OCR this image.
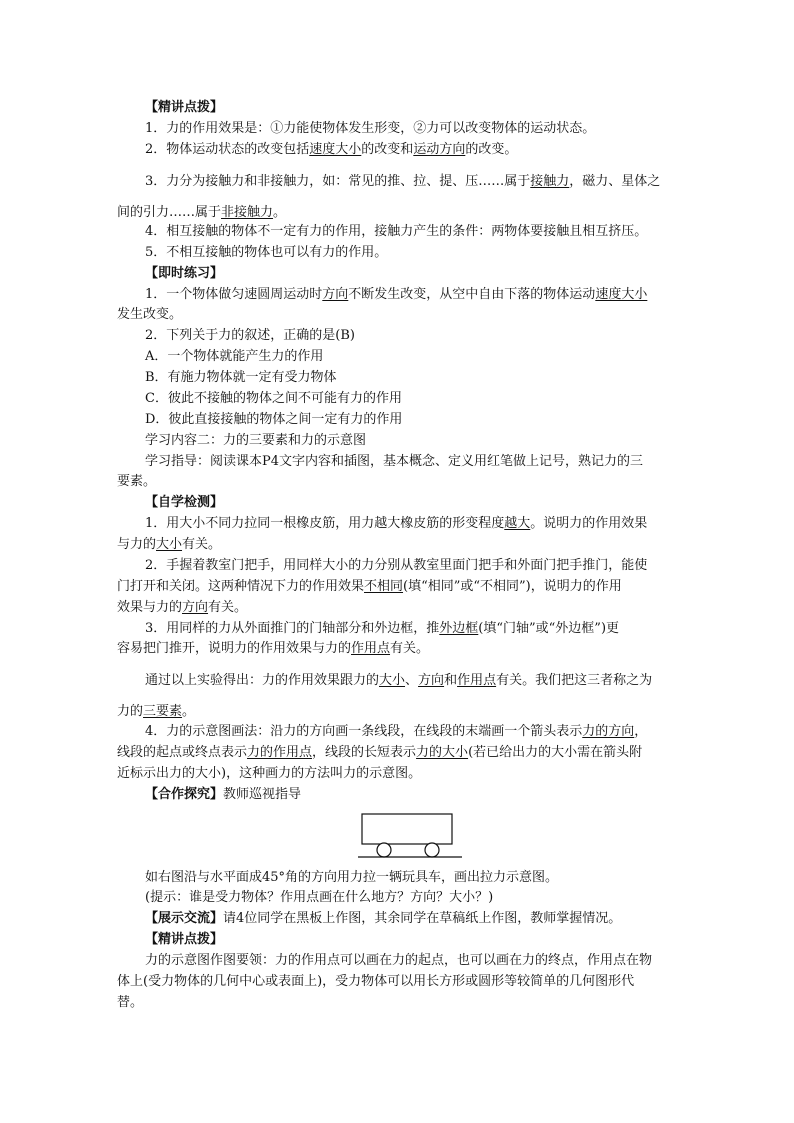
【精讲点拨】
1．力的作用效果是：①力能使物体发生形变，②力可以改变物体的运动状态。
2．物体运动状态的改变包括速度大小的改变和运动方向的改变。
3．力分为接触力和非接触力，如：常见的推、拉、提、压……属于接触力，磁力、星体之
间的引力……属于非接触力。
4．相互接触的物体不一定有力的作用，接触力产生的条件：两物体要接触且相互挤压。
5．不相互接触的物体也可以有力的作用。
【即时练习】
1．一个物体做匀速圆周运动时方向不断发生改变，从空中自由下落的物体运动速度大小
发生改变。
2．下列关于力的叙述，正确的是(B)
A．一个物体就能产生力的作用
B．有施力物体就一定有受力物体
C．彼此不接触的物体之间不可能有力的作用
D．彼此直接接触的物体之间一定有力的作用
学习内容二：力的三要素和力的示意图
学习指导：阅读课本P4文字内容和插图，基本概念、定义用红笔做上记号，熟记力的三
要素。
【自学检测】
1．用大小不同力拉同一根橡皮筋，用力越大橡皮筋的形变程度越大。说明力的作用效果
与力的大小有关。
2．手握着教室门把手，用同样大小的力分别从教室里面门把手和外面门把手推门，能使
门打开和关闭。这两种情况下力的作用效果不相同(填“相同”或“不相同”)，说明力的作用
效果与力的方向有关。
3．用同样的力从外面推门的门轴部分和外边框，推外边框(填“门轴”或“外边框”)更
容易把门推开，说明力的作用效果与力的作用点有关。
通过以上实验得出：力的作用效果跟力的大小、方向和作用点有关。我们把这三者称之为
力的三要素。
4．力的示意图画法：沿力的方向画一条线段，在线段的末端画一个箭头表示力的方向，
线段的起点或终点表示力的作用点，线段的长短表示力的大小(若已给出力的大小需在箭头附
近标示出力的大小)，这种画力的方法叫力的示意图。
【合作探究】教师巡视指导
如右图沿与水平面成45°角的方向用力拉一辆玩具车，画出拉力示意图。
(提示：谁是受力物体？作用点画在什么地方？方向？大小？)
【展示交流】请4位同学在黑板上作图，其余同学在草稿纸上作图，教师掌握情况。
【精讲点拨】
力的示意图作图要领：力的作用点可以画在力的起点，也可以画在力的终点，作用点在物
体上(受力物体的几何中心或表面上)，受力物体可以用长方形或圆形等较简单的几何图形代
替。
